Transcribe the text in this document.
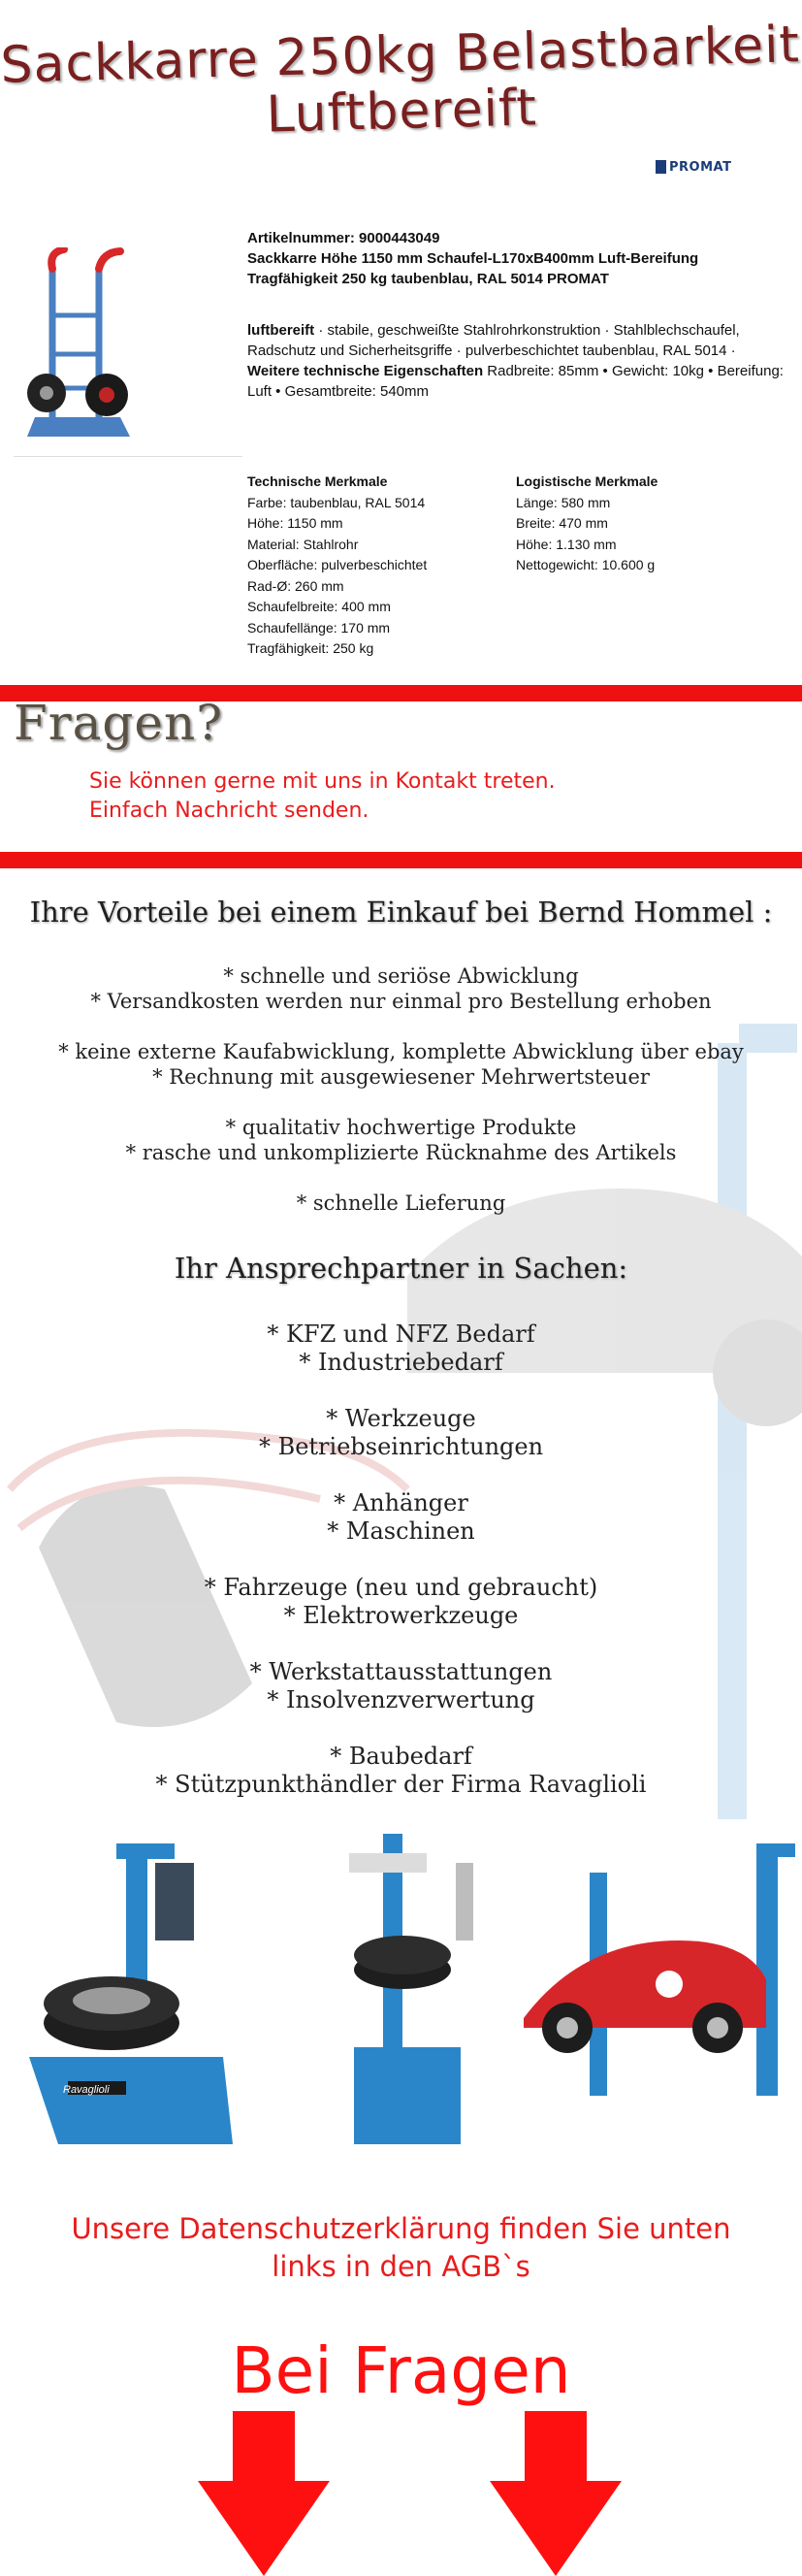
Sackkarre 250kg Belastbarkeit
Luftbereift
PROMAT
Artikelnummer: 9000443049
Sackkarre Höhe 1150 mm Schaufel-L170xB400mm Luft-Bereifung
Tragfähigkeit 250 kg taubenblau, RAL 5014 PROMAT
luftbereift · stabile, geschweißte Stahlrohrkonstruktion · Stahlblechschaufel, Radschutz und Sicherheitsgriffe · pulverbeschichtet taubenblau, RAL 5014 ·
Weitere technische Eigenschaften Radbreite: 85mm • Gewicht: 10kg • Bereifung: Luft • Gesamtbreite: 540mm
Technische Merkmale
Farbe: taubenblau, RAL 5014
Höhe: 1150 mm
Material: Stahlrohr
Oberfläche: pulverbeschichtet
Rad-Ø: 260 mm
Schaufelbreite: 400 mm
Schaufellänge: 170 mm
Tragfähigkeit: 250 kg
Logistische Merkmale
Länge: 580 mm
Breite: 470 mm
Höhe: 1.130 mm
Nettogewicht: 10.600 g
Fragen?
Sie können gerne mit uns in Kontakt treten.
Einfach Nachricht senden.
Ihre Vorteile bei einem Einkauf bei Bernd Hommel :
* schnelle und seriöse Abwicklung
* Versandkosten werden nur einmal pro Bestellung erhoben
* keine externe Kaufabwicklung, komplette Abwicklung über ebay
* Rechnung mit ausgewiesener Mehrwertsteuer
* qualitativ hochwertige Produkte
* rasche und unkomplizierte Rücknahme des Artikels
* schnelle Lieferung
Ihr Ansprechpartner in Sachen:
* KFZ und NFZ Bedarf
* Industriebedarf
* Werkzeuge
* Betriebseinrichtungen
* Anhänger
* Maschinen
* Fahrzeuge (neu und gebraucht)
* Elektrowerkzeuge
* Werkstattausstattungen
* Insolvenzverwertung
* Baubedarf
* Stützpunkthändler der Firma Ravaglioli
Ravaglioli
Unsere Datenschutzerklärung finden Sie unten
links in den AGB`s
Bei Fragen
